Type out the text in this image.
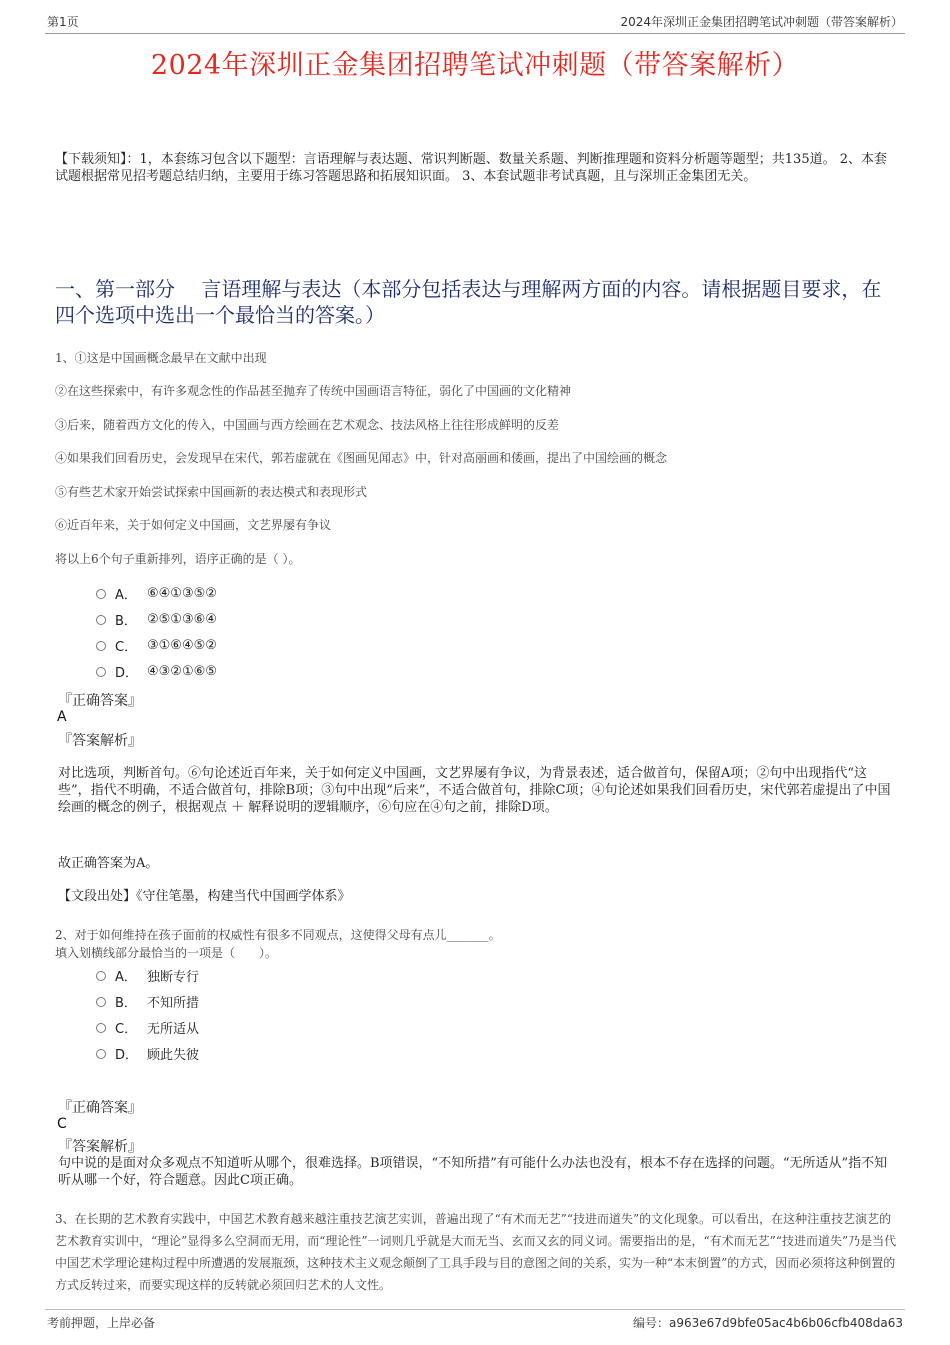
第1页	2024年深圳正金集团招聘笔试冲刺题（带答案解析）
2024年深圳正金集团招聘笔试冲刺题（带答案解析）
【下载须知】：1，本套练习包含以下题型：言语理解与表达题、常识判断题、数量关系题、判断推理题和资料分析题等题型；共135道。 2、本套试题根据常见招考题总结归纳，主要用于练习答题思路和拓展知识面。 3、本套试题非考试真题，且与深圳正金集团无关。
一、第一部分　 言语理解与表达（本部分包括表达与理解两方面的内容。请根据题目要求，在四个选项中选出一个最恰当的答案。）
1、①这是中国画概念最早在文献中出现
②在这些探索中，有许多观念性的作品甚至抛弃了传统中国画语言特征，弱化了中国画的文化精神
③后来，随着西方文化的传入，中国画与西方绘画在艺术观念、技法风格上往往形成鲜明的反差
④如果我们回看历史，会发现早在宋代，郭若虚就在《图画见闻志》中，针对高丽画和倭画，提出了中国绘画的概念
⑤有些艺术家开始尝试探索中国画新的表达模式和表现形式
⑥近百年来，关于如何定义中国画，文艺界屡有争议
将以上6个句子重新排列，语序正确的是（ ）。
A． ⑥④①③⑤②
B． ②⑤①③⑥④
C． ③①⑥④⑤②
D． ④③②①⑥⑤
『正确答案』
A
『答案解析』
对比选项，判断首句。⑥句论述近百年来，关于如何定义中国画，文艺界屡有争议，为背景表述，适合做首句，保留A项；②句中出现指代“这些”，指代不明确，不适合做首句，排除B项；③句中出现“后来”，不适合做首句，排除C项；④句论述如果我们回看历史，宋代郭若虚提出了中国绘画的概念的例子，根据观点 ＋ 解释说明的逻辑顺序，⑥句应在④句之前，排除D项。
故正确答案为A。
【文段出处】《守住笔墨，构建当代中国画学体系》
2、对于如何维持在孩子面前的权威性有很多不同观点，这使得父母有点儿_______。
填入划横线部分最恰当的一项是（　　）。
A． 独断专行
B． 不知所措
C． 无所适从
D． 顾此失彼
『正确答案』
C
『答案解析』
句中说的是面对众多观点不知道听从哪个，很难选择。B项错误，“不知所措”有可能什么办法也没有，根本不存在选择的问题。“无所适从”指不知听从哪一个好，符合题意。因此C项正确。
3、在长期的艺术教育实践中，中国艺术教育越来越注重技艺演艺实训，普遍出现了“有术而无艺”“技进而道失”的文化现象。可以看出，在这种注重技艺演艺的艺术教育实训中，“理论”显得多么空洞而无用，而“理论性”一词则几乎就是大而无当、玄而又玄的同义词。需要指出的是，“有术而无艺”“技进而道失”乃是当代中国艺术学理论建构过程中所遭遇的发展瓶颈，这种技术主义观念颠倒了工具手段与目的意图之间的关系，实为一种“本末倒置”的方式，因而必须将这种倒置的方式反转过来，而要实现这样的反转就必须回归艺术的人文性。
考前押题，上岸必备	编号：a963e67d9bfe05ac4b6b06cfb408da63
